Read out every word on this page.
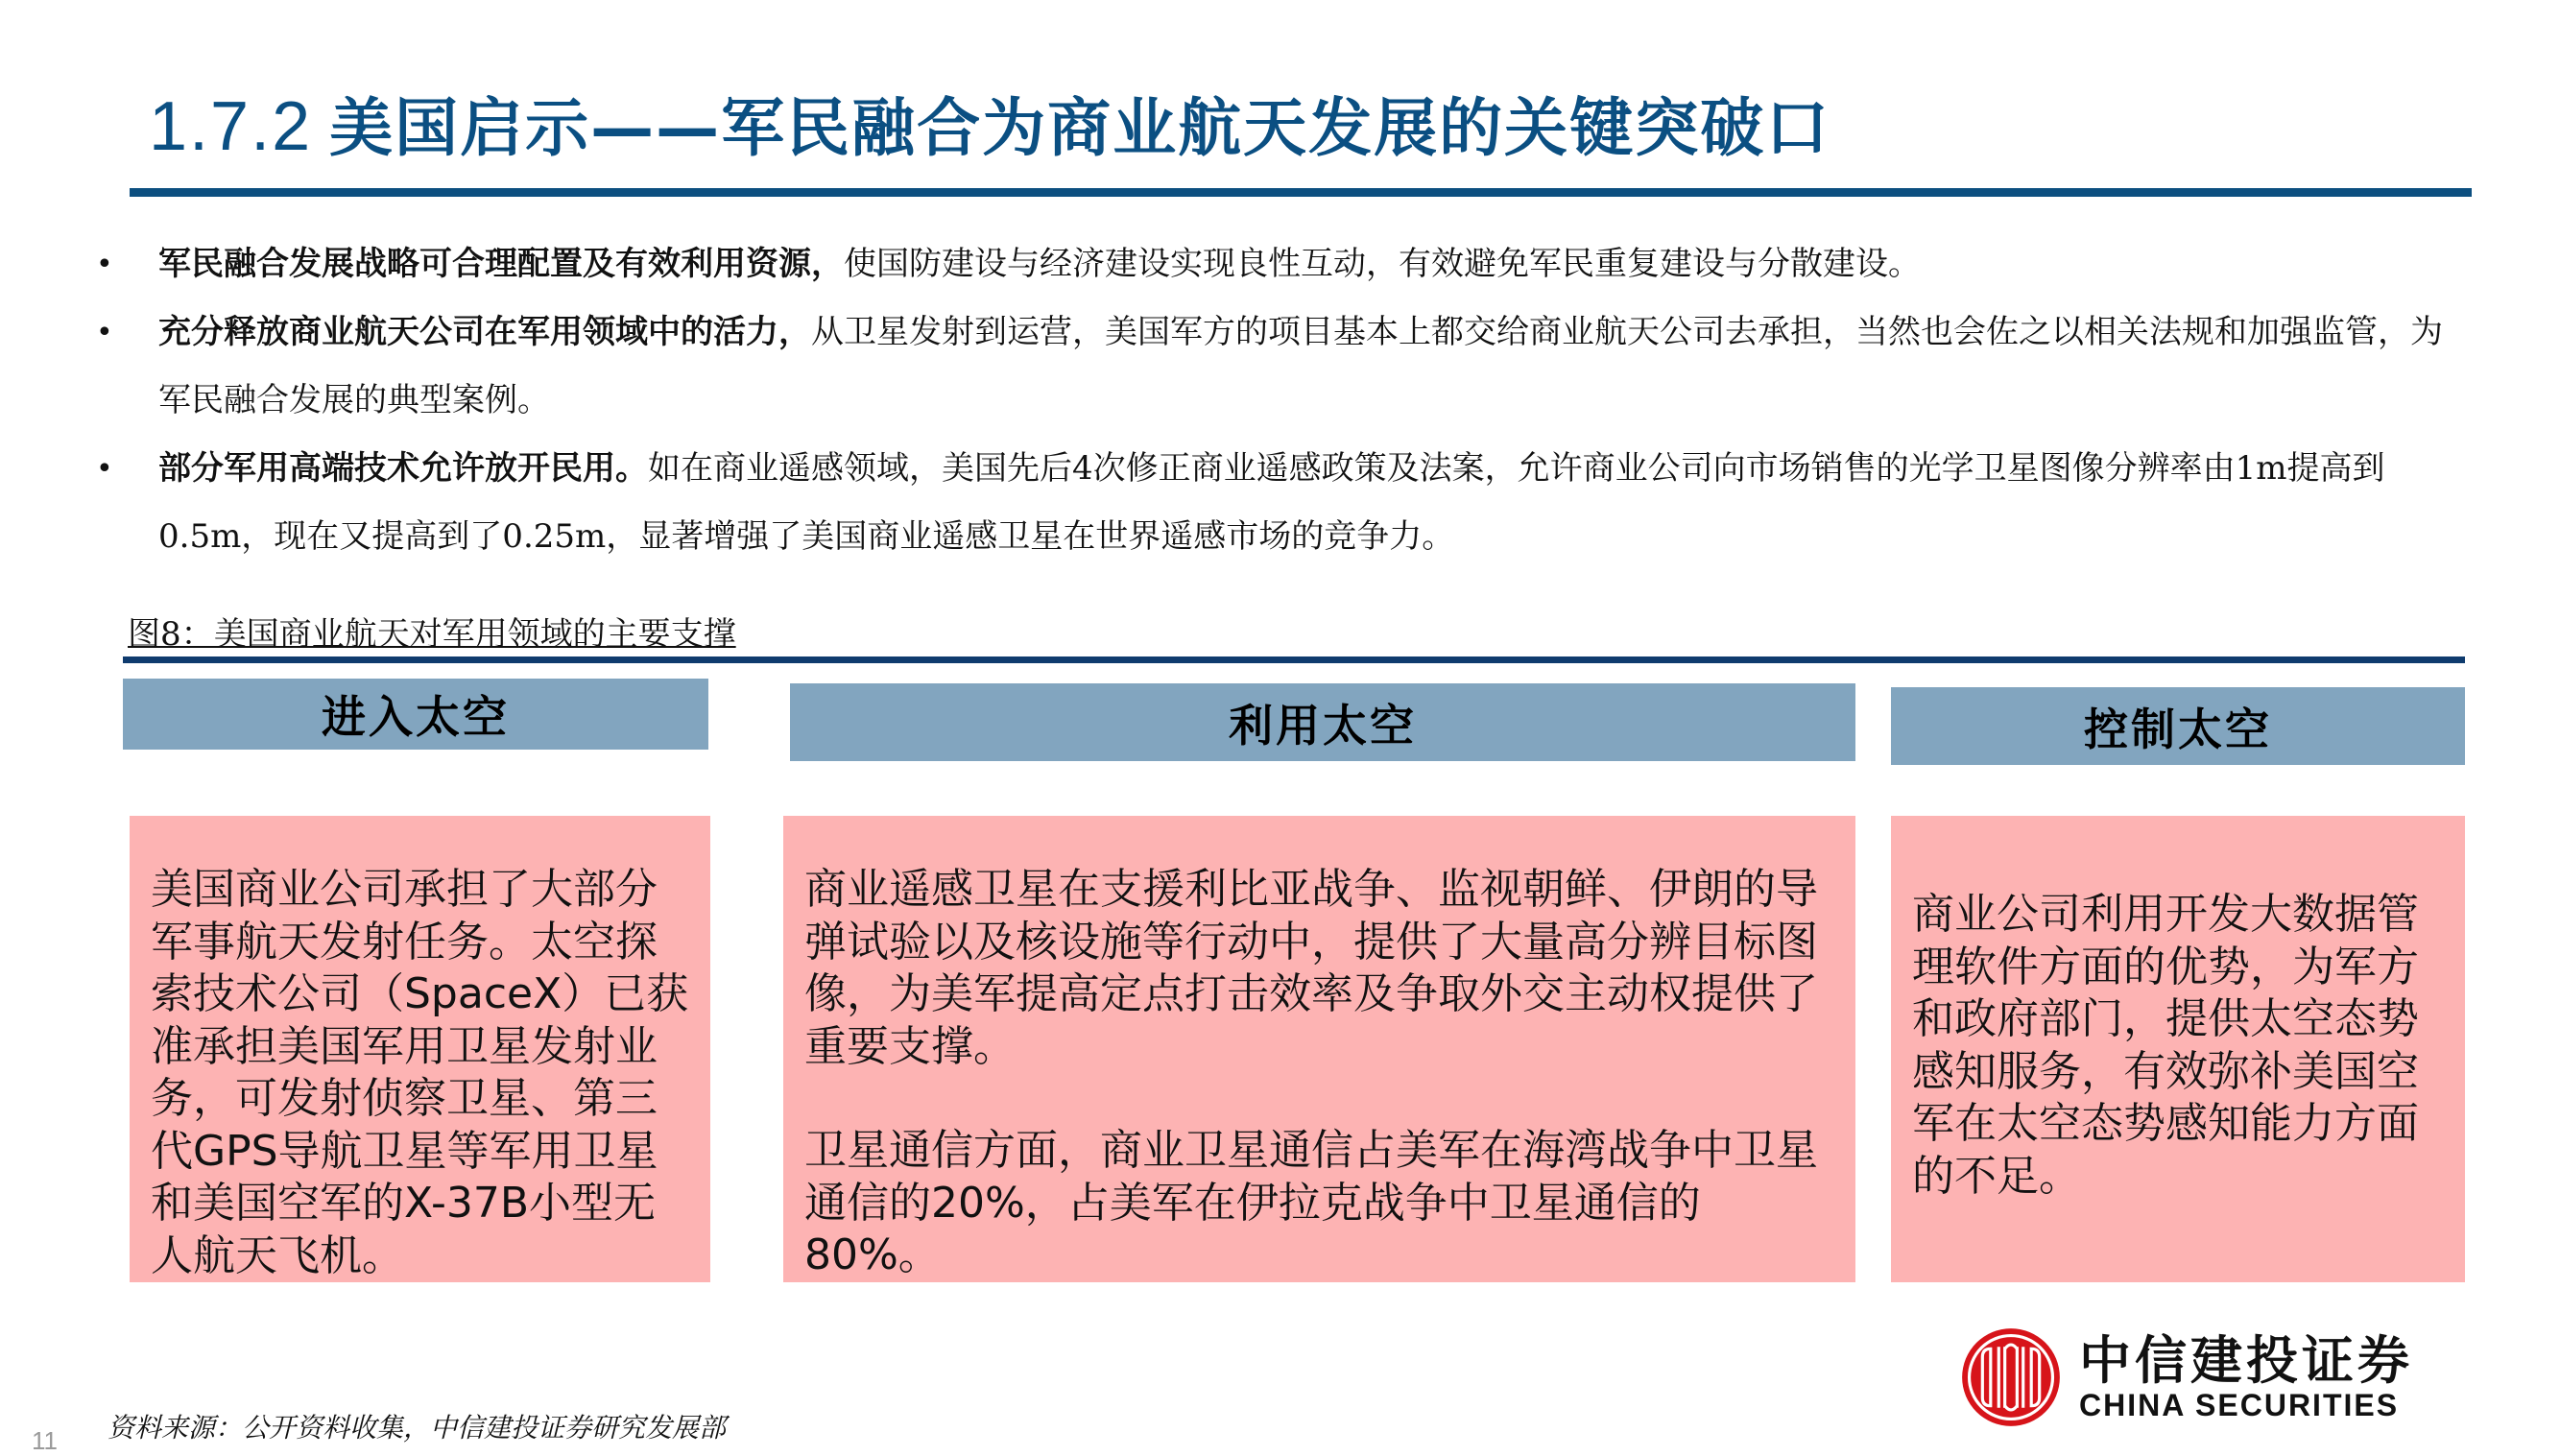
1.7.2 美国启示——军民融合为商业航天发展的关键突破口
• 军民融合发展战略可合理配置及有效利用资源，使国防建设与经济建设实现良性互动，有效避免军民重复建设与分散建设。
• 充分释放商业航天公司在军用领域中的活力，从卫星发射到运营，美国军方的项目基本上都交给商业航天公司去承担，当然也会佐之以相关法规和加强监管，为军民融合发展的典型案例。
• 部分军用高端技术允许放开民用。如在商业遥感领域，美国先后4次修正商业遥感政策及法案，允许商业公司向市场销售的光学卫星图像分辨率由1m提高到0.5m，现在又提高到了0.25m，显著增强了美国商业遥感卫星在世界遥感市场的竞争力。
图8：美国商业航天对军用领域的主要支撑
进入太空	利用太空	控制太空

美国商业公司承担了大部分军事航天发射任务。太空探索技术公司（SpaceX）已获准承担美国军用卫星发射业务，可发射侦察卫星、第三代GPS导航卫星等军用卫星和美国空军的X-37B小型无人航天飞机。

商业遥感卫星在支援利比亚战争、监视朝鲜、伊朗的导弹试验以及核设施等行动中，提供了大量高分辨目标图像，为美军提高定点打击效率及争取外交主动权提供了重要支撑。

卫星通信方面，商业卫星通信占美军在海湾战争中卫星通信的20%，占美军在伊拉克战争中卫星通信的80%。

商业公司利用开发大数据管理软件方面的优势，为军方和政府部门，提供太空态势感知服务，有效弥补美国空军在太空态势感知能力方面的不足。

中信建投证券
CHINA SECURITIES
11 资料来源：公开资料收集，中信建投证券研究发展部
